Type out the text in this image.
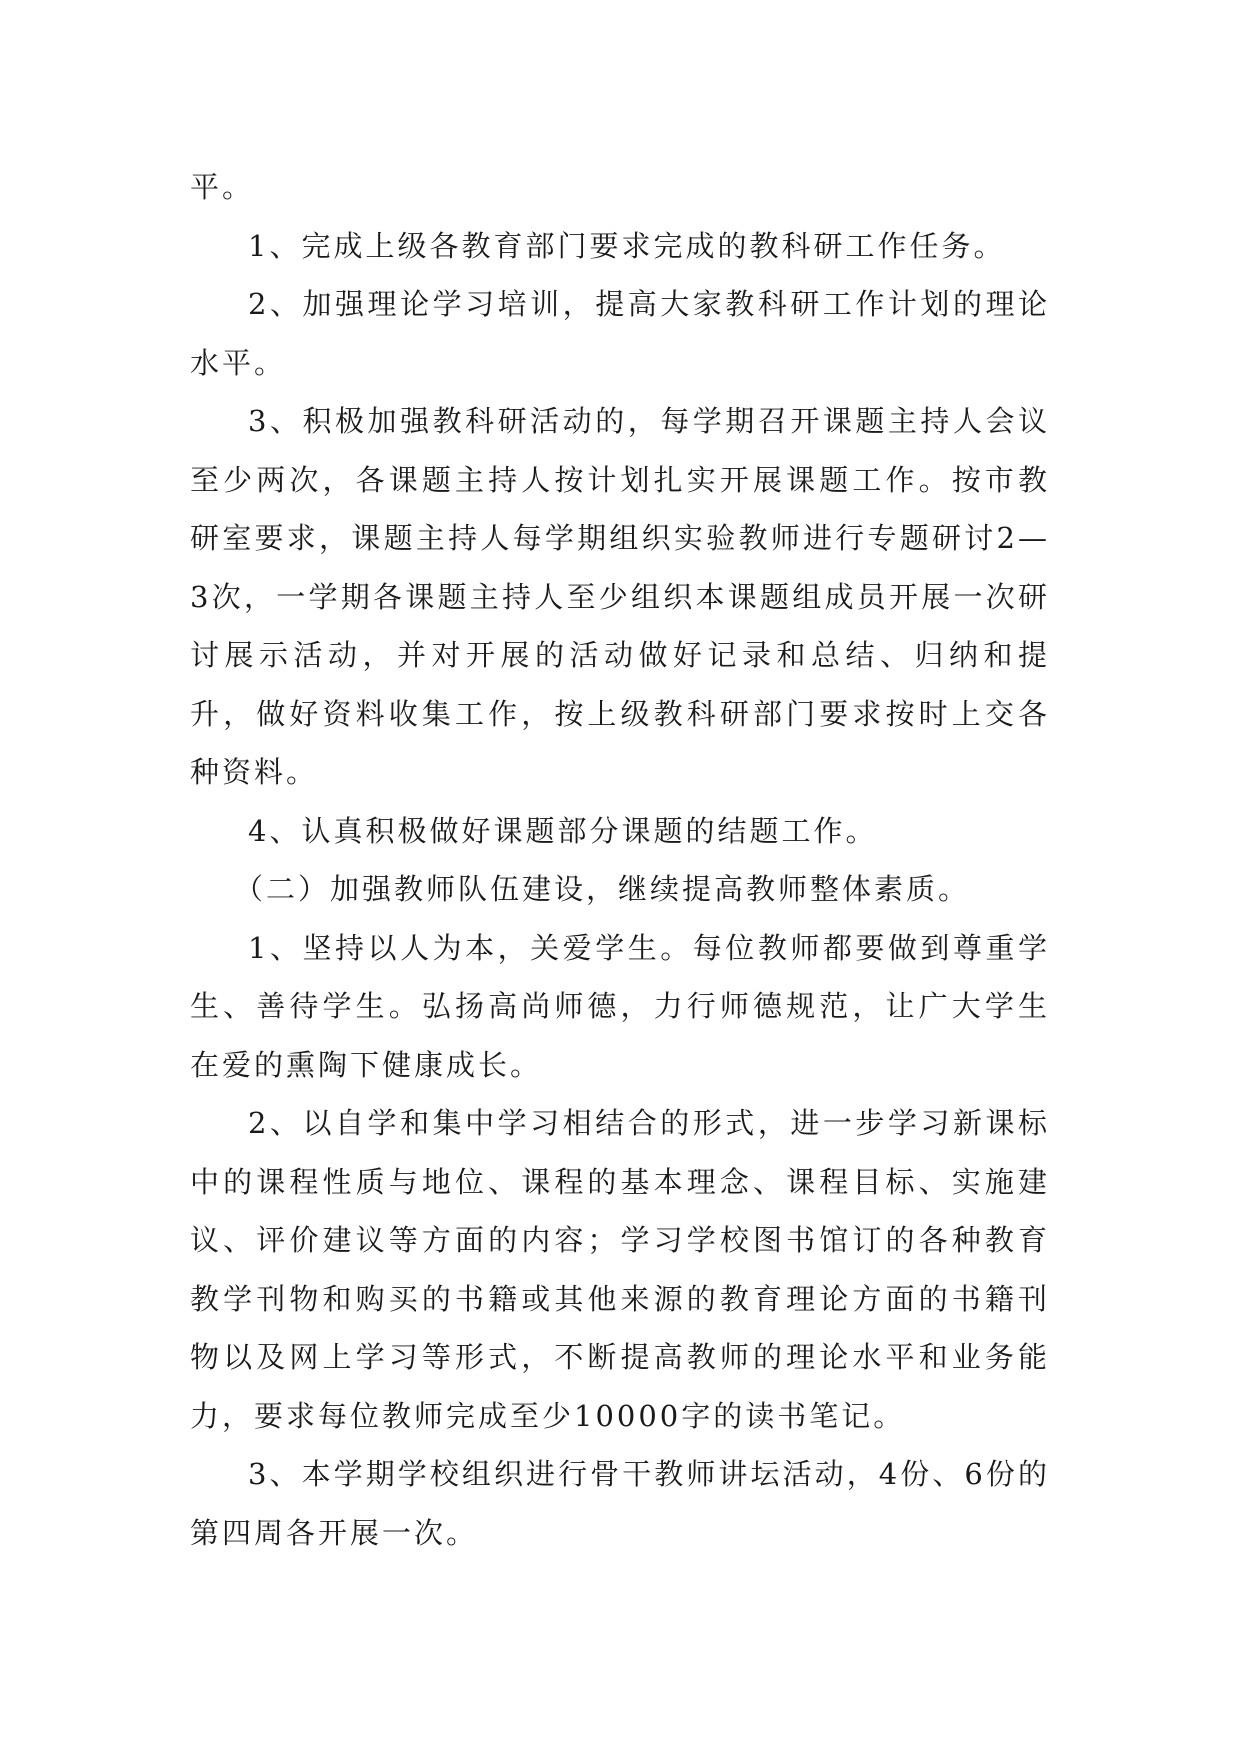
平。

1、完成上级各教育部门要求完成的教科研工作任务。

2、加强理论学习培训，提高大家教科研工作计划的理论水平。

3、积极加强教科研活动的，每学期召开课题主持人会议至少两次，各课题主持人按计划扎实开展课题工作。按市教研室要求，课题主持人每学期组织实验教师进行专题研讨2—3次，一学期各课题主持人至少组织本课题组成员开展一次研讨展示活动，并对开展的活动做好记录和总结、归纳和提升，做好资料收集工作，按上级教科研部门要求按时上交各种资料。

4、认真积极做好课题部分课题的结题工作。

（二）加强教师队伍建设，继续提高教师整体素质。

1、坚持以人为本，关爱学生。每位教师都要做到尊重学生、善待学生。弘扬高尚师德，力行师德规范，让广大学生在爱的熏陶下健康成长。

2、以自学和集中学习相结合的形式，进一步学习新课标中的课程性质与地位、课程的基本理念、课程目标、实施建议、评价建议等方面的内容；学习学校图书馆订的各种教育教学刊物和购买的书籍或其他来源的教育理论方面的书籍刊物以及网上学习等形式，不断提高教师的理论水平和业务能力，要求每位教师完成至少10000字的读书笔记。

3、本学期学校组织进行骨干教师讲坛活动，4份、6份的第四周各开展一次。
